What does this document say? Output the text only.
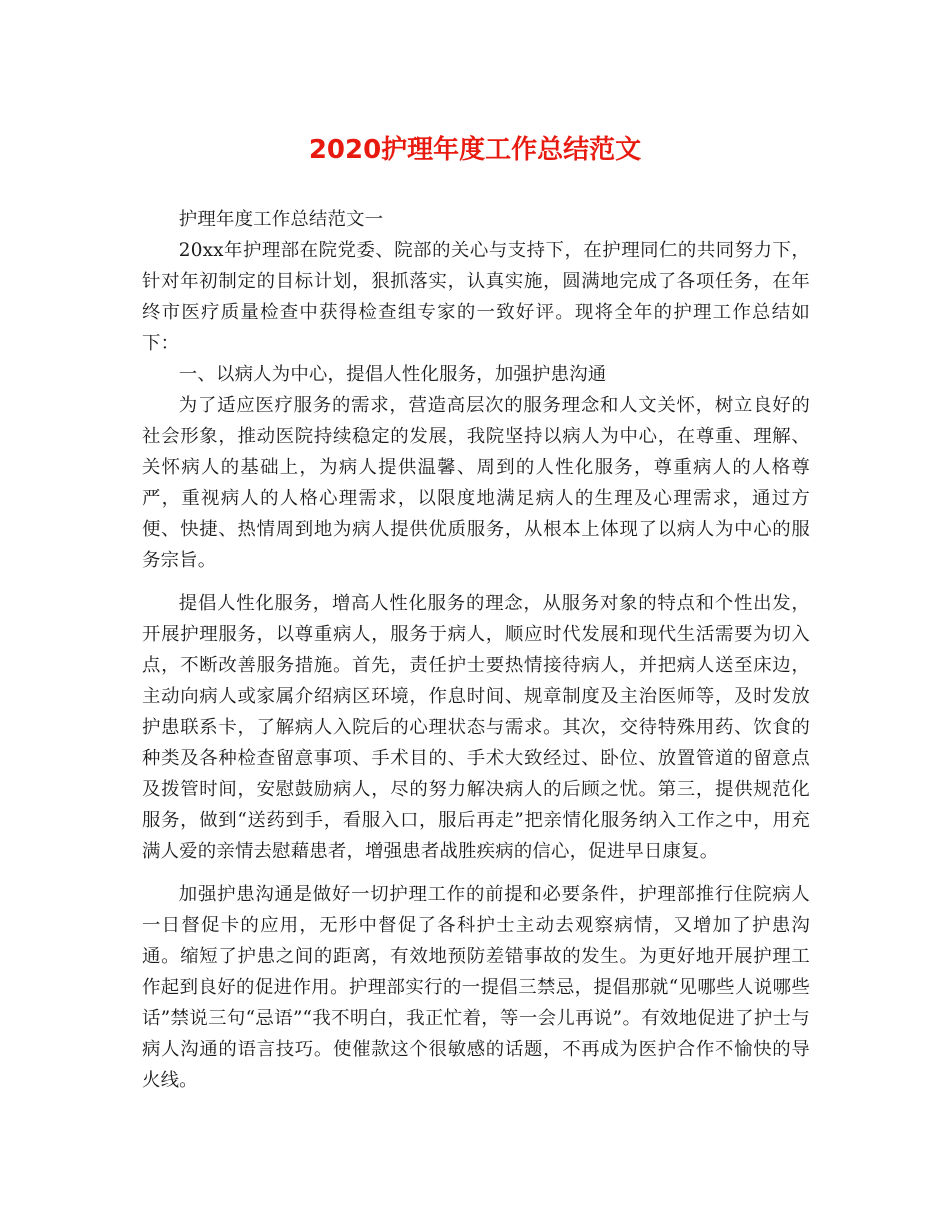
2020护理年度工作总结范文

护理年度工作总结范文一

20xx年护理部在院党委、院部的关心与支持下，在护理同仁的共同努力下，针对年初制定的目标计划，狠抓落实，认真实施，圆满地完成了各项任务，在年终市医疗质量检查中获得检查组专家的一致好评。现将全年的护理工作总结如下：

一、以病人为中心，提倡人性化服务，加强护患沟通

为了适应医疗服务的需求，营造高层次的服务理念和人文关怀，树立良好的社会形象，推动医院持续稳定的发展，我院坚持以病人为中心，在尊重、理解、关怀病人的基础上，为病人提供温馨、周到的人性化服务，尊重病人的人格尊严，重视病人的人格心理需求，以限度地满足病人的生理及心理需求，通过方便、快捷、热情周到地为病人提供优质服务，从根本上体现了以病人为中心的服务宗旨。

提倡人性化服务，增高人性化服务的理念，从服务对象的特点和个性出发，开展护理服务，以尊重病人，服务于病人，顺应时代发展和现代生活需要为切入点，不断改善服务措施。首先，责任护士要热情接待病人，并把病人送至床边，主动向病人或家属介绍病区环境，作息时间、规章制度及主治医师等，及时发放护患联系卡，了解病人入院后的心理状态与需求。其次，交待特殊用药、饮食的种类及各种检查留意事项、手术目的、手术大致经过、卧位、放置管道的留意点及拨管时间，安慰鼓励病人，尽的努力解决病人的后顾之忧。第三，提供规范化服务，做到“送药到手，看服入口，服后再走”把亲情化服务纳入工作之中，用充满人爱的亲情去慰藉患者，增强患者战胜疾病的信心，促进早日康复。

加强护患沟通是做好一切护理工作的前提和必要条件，护理部推行住院病人一日督促卡的应用，无形中督促了各科护士主动去观察病情，又增加了护患沟通。缩短了护患之间的距离，有效地预防差错事故的发生。为更好地开展护理工作起到良好的促进作用。护理部实行的一提倡三禁忌，提倡那就“见哪些人说哪些话”禁说三句“忌语”“我不明白，我正忙着，等一会儿再说”。有效地促进了护士与病人沟通的语言技巧。使催款这个很敏感的话题，不再成为医护合作不愉快的导火线。
